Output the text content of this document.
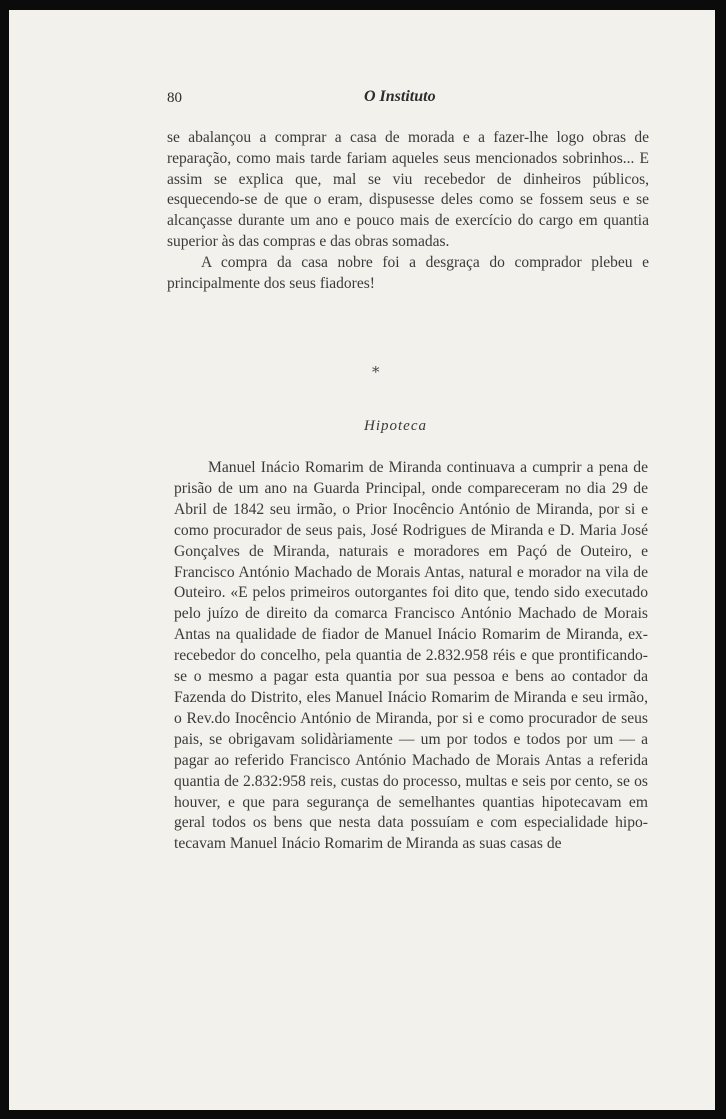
80	O Instituto

se abalançou a comprar a casa de morada e a fazer-lhe logo obras de reparação, como mais tarde fariam aqueles seus mencionados sobrinhos... E assim se explica que, mal se viu recebedor de dinheiros públicos, esquecendo-se de que o eram, dispusesse deles como se fossem seus e se alcançasse durante um ano e pouco mais de exercício do cargo em quantia superior às das compras e das obras somadas.

A compra da casa nobre foi a desgraça do comprador plebeu e principalmente dos seus fiadores!

*
Hipoteca

Manuel Inácio Romarim de Miranda continuava a cumprir a pena de prisão de um ano na Guarda Principal, onde compareceram no dia 29 de Abril de 1842 seu irmão, o Prior Inocêncio António de Miranda, por si e como procurador de seus pais, José Rodrigues de Miranda e D. Maria José Gonçalves de Miranda, naturais e moradores em Paçó de Outeiro, e Francisco António Machado de Morais Antas, natural e morador na vila de Outeiro. «E pelos primeiros outorgantes foi dito que, tendo sido executado pelo juízo de direito da comarca Francisco António Machado de Morais Antas na qualidade de fiador de Manuel Inácio Romarim de Miranda, ex-recebedor do concelho, pela quantia de 2.832.958 réis e que prontificando-se o mesmo a pagar esta quantia por sua pessoa e bens ao contador da Fazenda do Distrito, eles Manuel Inácio Romarim de Miranda e seu irmão, o Rev.do Inocêncio António de Miranda, por si e como procurador de seus pais, se obrigavam solidàriamente — um por todos e todos por um — a pagar ao referido Francisco António Machado de Morais Antas a referida quantia de 2.832:958 reis, custas do processo, multas e seis por cento, se os houver, e que para segurança de semelhantes quantias hipotecavam em geral todos os bens que nesta data possuíam e com especialidade hipotecavam Manuel Inácio Romarim de Miranda as suas casas de
